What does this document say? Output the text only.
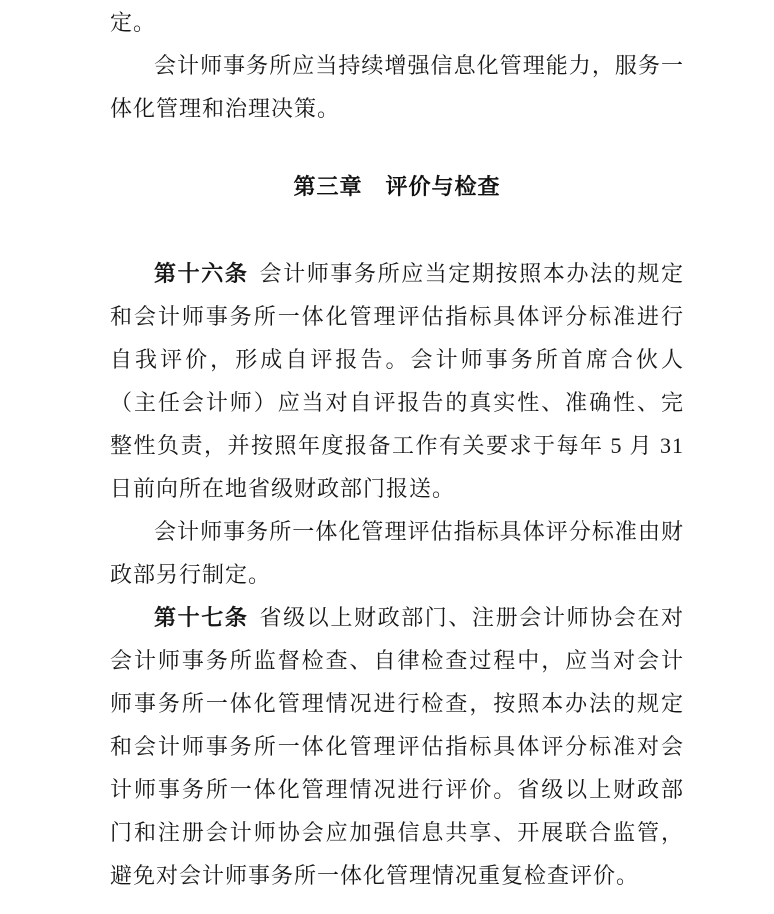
定。

会计师事务所应当持续增强信息化管理能力，服务一体化管理和治理决策。

第三章　评价与检查

第十六条 会计师事务所应当定期按照本办法的规定和会计师事务所一体化管理评估指标具体评分标准进行自我评价，形成自评报告。会计师事务所首席合伙人（主任会计师）应当对自评报告的真实性、准确性、完整性负责，并按照年度报备工作有关要求于每年 5 月 31 日前向所在地省级财政部门报送。

会计师事务所一体化管理评估指标具体评分标准由财政部另行制定。

第十七条 省级以上财政部门、注册会计师协会在对会计师事务所监督检查、自律检查过程中，应当对会计师事务所一体化管理情况进行检查，按照本办法的规定和会计师事务所一体化管理评估指标具体评分标准对会计师事务所一体化管理情况进行评价。省级以上财政部门和注册会计师协会应加强信息共享、开展联合监管，避免对会计师事务所一体化管理情况重复检查评价。
